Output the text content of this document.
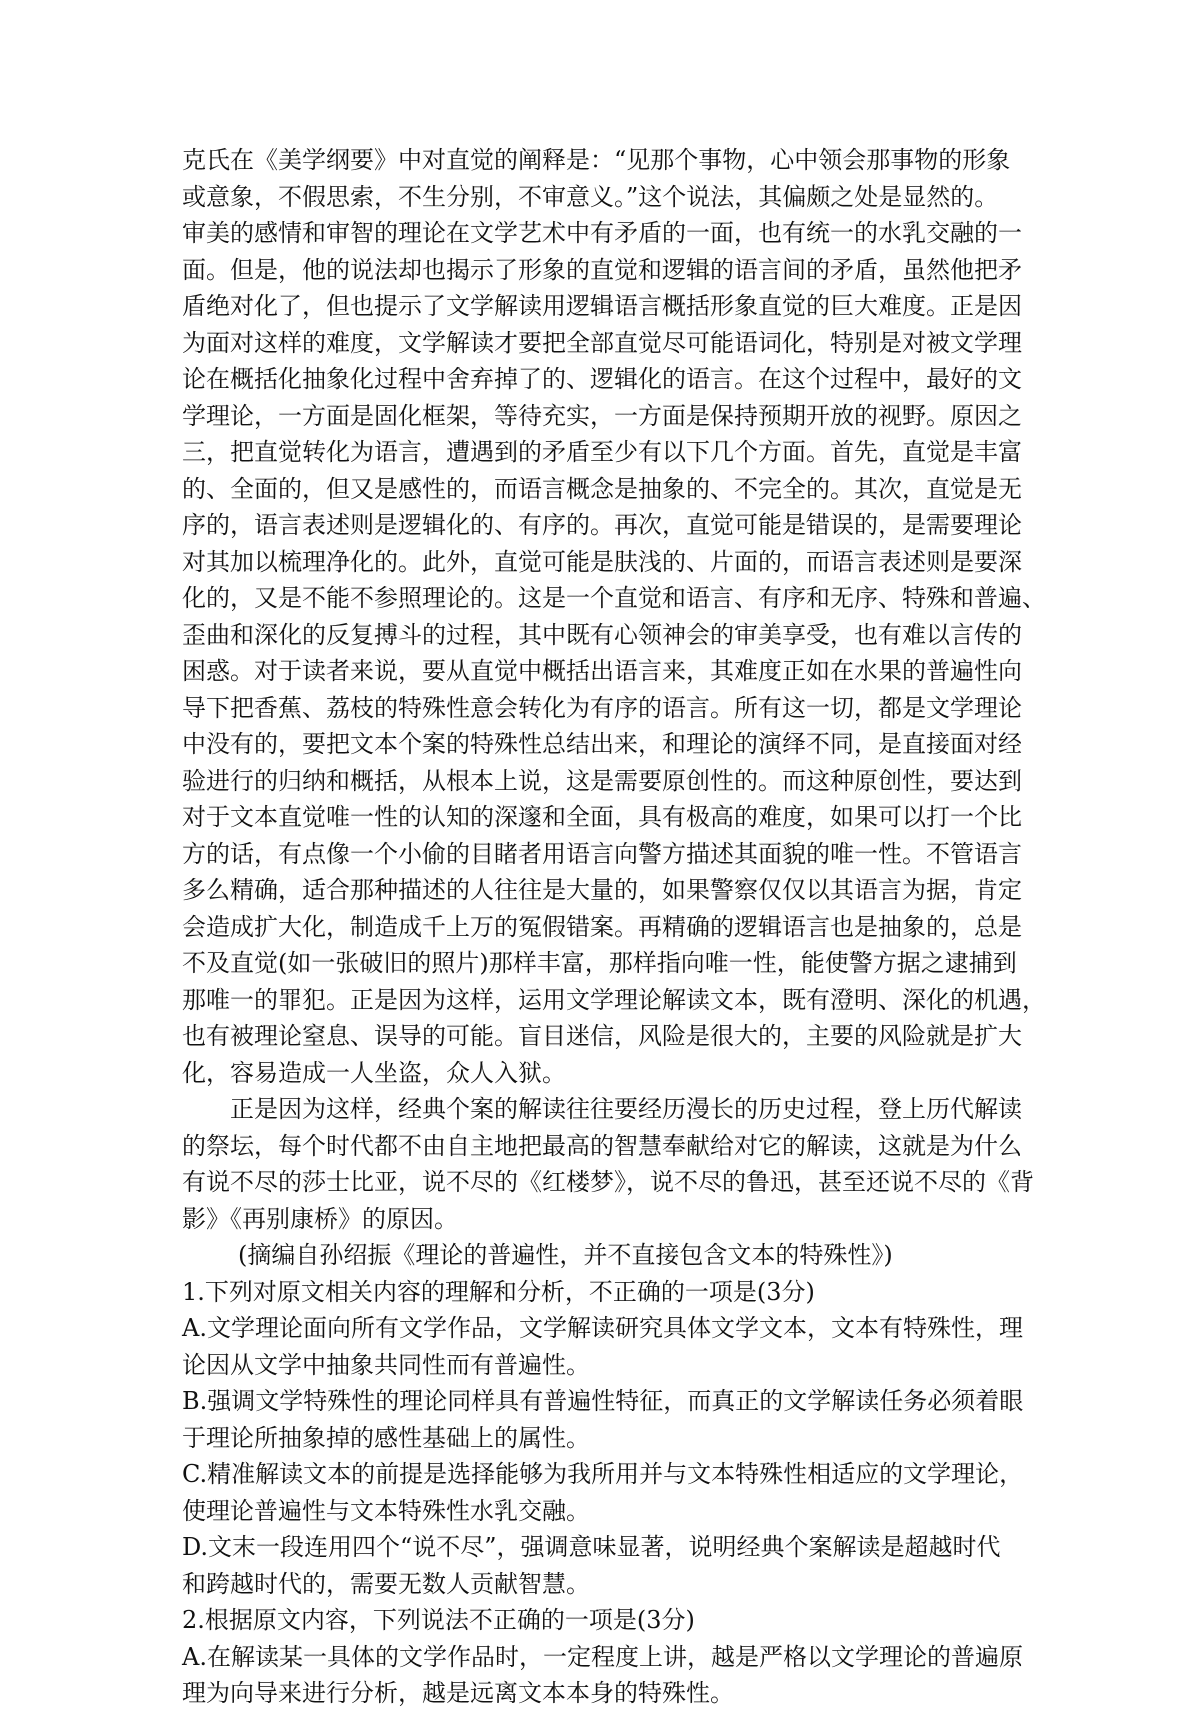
克氏在《美学纲要》中对直觉的阐释是：“见那个事物，心中领会那事物的形象
或意象，不假思索，不生分别，不审意义。”这个说法，其偏颇之处是显然的。
审美的感情和审智的理论在文学艺术中有矛盾的一面，也有统一的水乳交融的一
面。但是，他的说法却也揭示了形象的直觉和逻辑的语言间的矛盾，虽然他把矛
盾绝对化了，但也提示了文学解读用逻辑语言概括形象直觉的巨大难度。正是因
为面对这样的难度，文学解读才要把全部直觉尽可能语词化，特别是对被文学理
论在概括化抽象化过程中舍弃掉了的、逻辑化的语言。在这个过程中，最好的文
学理论，一方面是固化框架，等待充实，一方面是保持预期开放的视野。原因之
三，把直觉转化为语言，遭遇到的矛盾至少有以下几个方面。首先，直觉是丰富
的、全面的，但又是感性的，而语言概念是抽象的、不完全的。其次，直觉是无
序的，语言表述则是逻辑化的、有序的。再次，直觉可能是错误的，是需要理论
对其加以梳理净化的。此外，直觉可能是肤浅的、片面的，而语言表述则是要深
化的，又是不能不参照理论的。这是一个直觉和语言、有序和无序、特殊和普遍、
歪曲和深化的反复搏斗的过程，其中既有心领神会的审美享受，也有难以言传的
困惑。对于读者来说，要从直觉中概括出语言来，其难度正如在水果的普遍性向
导下把香蕉、荔枝的特殊性意会转化为有序的语言。所有这一切，都是文学理论
中没有的，要把文本个案的特殊性总结出来，和理论的演绎不同，是直接面对经
验进行的归纳和概括，从根本上说，这是需要原创性的。而这种原创性，要达到
对于文本直觉唯一性的认知的深邃和全面，具有极高的难度，如果可以打一个比
方的话，有点像一个小偷的目睹者用语言向警方描述其面貌的唯一性。不管语言
多么精确，适合那种描述的人往往是大量的，如果警察仅仅以其语言为据，肯定
会造成扩大化，制造成千上万的冤假错案。再精确的逻辑语言也是抽象的，总是
不及直觉(如一张破旧的照片)那样丰富，那样指向唯一性，能使警方据之逮捕到
那唯一的罪犯。正是因为这样，运用文学理论解读文本，既有澄明、深化的机遇，
也有被理论窒息、误导的可能。盲目迷信，风险是很大的，主要的风险就是扩大
化，容易造成一人坐盗，众人入狱。
正是因为这样，经典个案的解读往往要经历漫长的历史过程，登上历代解读
的祭坛，每个时代都不由自主地把最高的智慧奉献给对它的解读，这就是为什么
有说不尽的莎士比亚，说不尽的《红楼梦》，说不尽的鲁迅，甚至还说不尽的《背
影》《再别康桥》的原因。
(摘编自孙绍振《理论的普遍性，并不直接包含文本的特殊性》)
1.下列对原文相关内容的理解和分析，不正确的一项是(3分)
A.文学理论面向所有文学作品，文学解读研究具体文学文本，文本有特殊性，理
论因从文学中抽象共同性而有普遍性。
B.强调文学特殊性的理论同样具有普遍性特征，而真正的文学解读任务必须着眼
于理论所抽象掉的感性基础上的属性。
C.精准解读文本的前提是选择能够为我所用并与文本特殊性相适应的文学理论，
使理论普遍性与文本特殊性水乳交融。
D.文末一段连用四个“说不尽”，强调意味显著，说明经典个案解读是超越时代
和跨越时代的，需要无数人贡献智慧。
2.根据原文内容，下列说法不正确的一项是(3分)
A.在解读某一具体的文学作品时，一定程度上讲，越是严格以文学理论的普遍原
理为向导来进行分析，越是远离文本本身的特殊性。
